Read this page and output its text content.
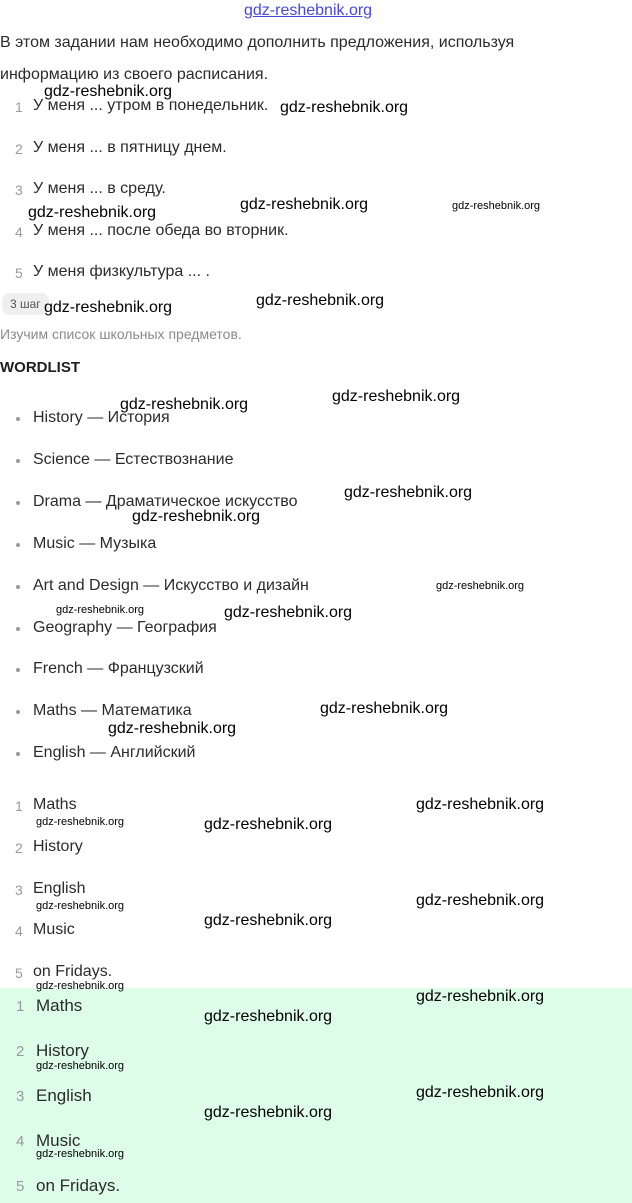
gdz-reshebnik.org
В этом задании нам необходимо дополнить предложения, используя
информацию из своего расписания.
1 У меня ... утром в понедельник.
2 У меня ... в пятницу днем.
3 У меня ... в среду.
4 У меня ... после обеда во вторник.
5 У меня физкультура ... .
3 шаг
Изучим список школьных предметов.
WORDLIST
History — История
Science — Естествознание
Drama — Драматическое искусство
Music — Музыка
Art and Design — Искусство и дизайн
Geography — География
French — Французский
Maths — Математика
English — Английский
1 Maths
2 History
3 English
4 Music
5 on Fridays.
1 Maths
2 History
3 English
4 Music
5 on Fridays.
gdz-reshebnik.org
gdz-reshebnik.org
gdz-reshebnik.org	gdz-reshebnik.org	gdz-reshebnik.org
gdz-reshebnik.org	gdz-reshebnik.org
gdz-reshebnik.org	gdz-reshebnik.org
gdz-reshebnik.org
gdz-reshebnik.org
gdz-reshebnik.org
gdz-reshebnik.org	gdz-reshebnik.org
gdz-reshebnik.org
gdz-reshebnik.org
gdz-reshebnik.org
gdz-reshebnik.org	gdz-reshebnik.org
gdz-reshebnik.org
gdz-reshebnik.org
gdz-reshebnik.org
gdz-reshebnik.org
gdz-reshebnik.org
gdz-reshebnik.org
gdz-reshebnik.org
gdz-reshebnik.org
gdz-reshebnik.org
gdz-reshebnik.org
